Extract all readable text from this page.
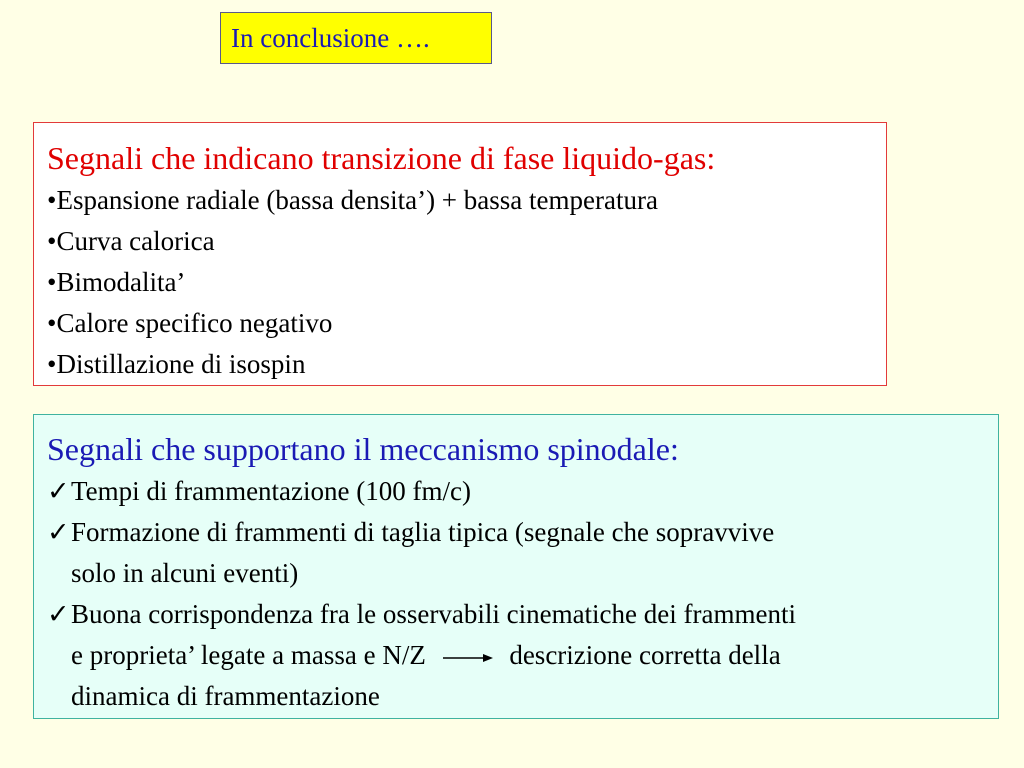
In conclusione ….
Segnali che indicano transizione di fase liquido-gas:
•Espansione radiale (bassa densita’) + bassa temperatura
•Curva calorica
•Bimodalita’
•Calore specifico negativo
•Distillazione di isospin
Segnali che supportano il meccanismo spinodale:
✓ Tempi di frammentazione (100 fm/c)
✓ Formazione di frammenti di taglia tipica (segnale che sopravvive
solo in alcuni eventi)
✓ Buona corrispondenza fra le osservabili cinematiche dei frammenti
e proprieta’ legate a massa e N/Z	descrizione corretta della
dinamica di frammentazione
